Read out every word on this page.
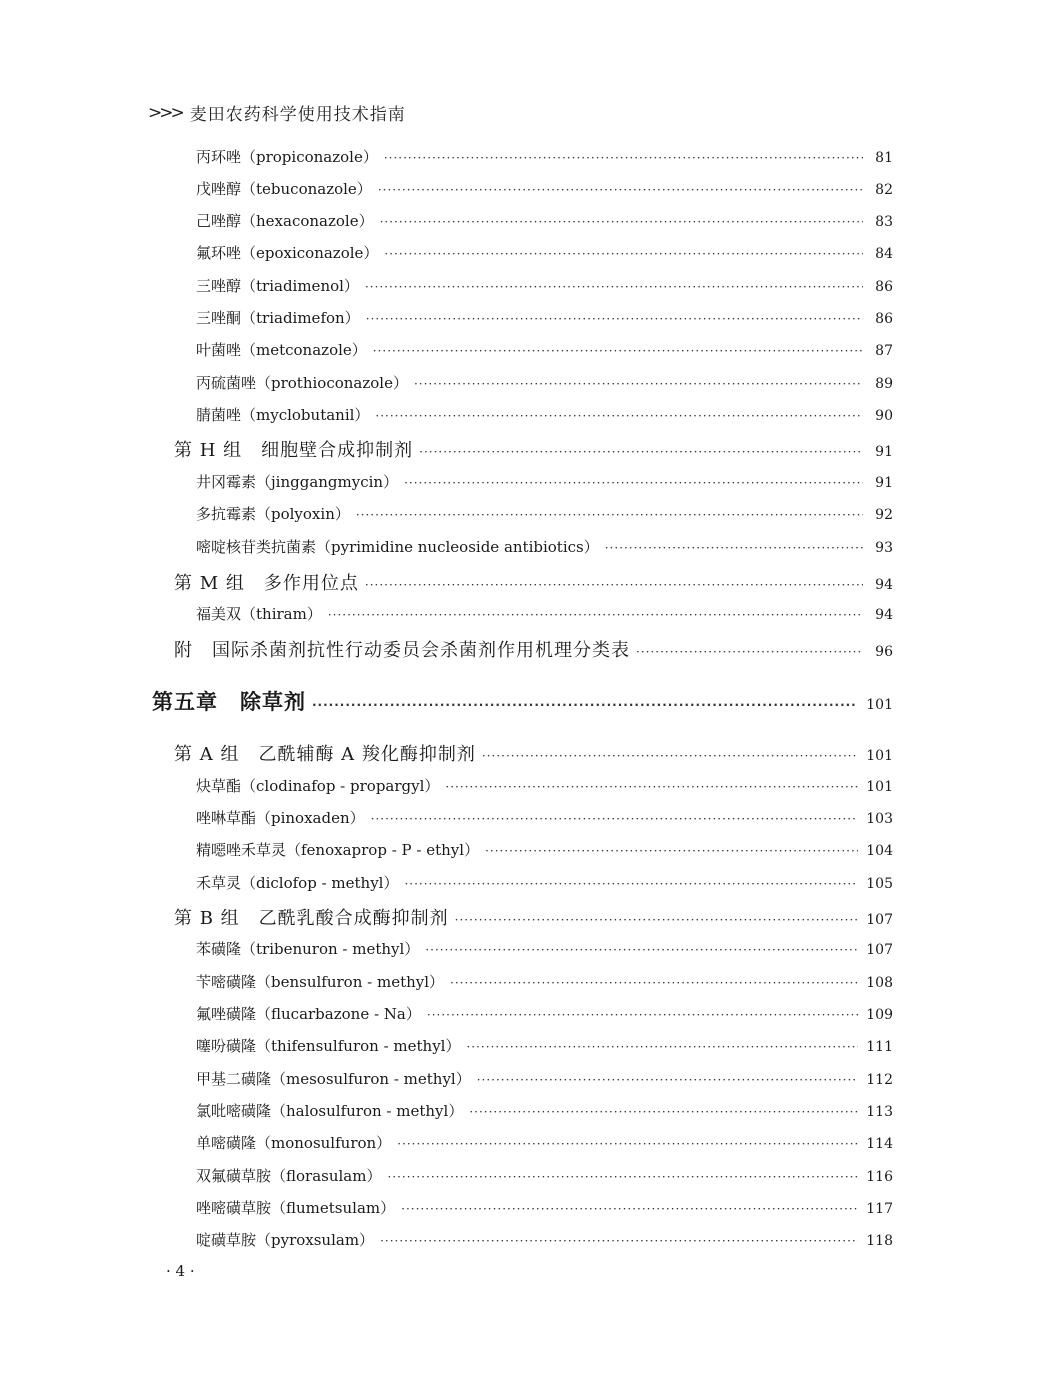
>>> 麦田农药科学使用技术指南
丙环唑（propiconazole） ·····	81
戊唑醇（tebuconazole） ·····	82
己唑醇（hexaconazole） ·····	83
氟环唑（epoxiconazole） ·····	84
三唑醇（triadimenol） ·····	86
三唑酮（triadimefon） ·····	86
叶菌唑（metconazole） ·····	87
丙硫菌唑（prothioconazole） ·····	89
腈菌唑（myclobutanil） ·····	90
第 H 组　细胞壁合成抑制剂 ·····	91
井冈霉素（jinggangmycin） ·····	91
多抗霉素（polyoxin） ·····	92
嘧啶核苷类抗菌素（pyrimidine nucleoside antibiotics） ·····	93
第 M 组　多作用位点 ·····	94
福美双（thiram） ·····	94
附　国际杀菌剂抗性行动委员会杀菌剂作用机理分类表 ·····	96
第五章　除草剂 ·····	101
第 A 组　乙酰辅酶 A 羧化酶抑制剂 ·····	101
炔草酯（clodinafop - propargyl） ·····	101
唑啉草酯（pinoxaden） ·····	103
精噁唑禾草灵（fenoxaprop - P - ethyl） ·····	104
禾草灵（diclofop - methyl） ·····	105
第 B 组　乙酰乳酸合成酶抑制剂 ·····	107
苯磺隆（tribenuron - methyl） ·····	107
苄嘧磺隆（bensulfuron - methyl） ·····	108
氟唑磺隆（flucarbazone - Na） ·····	109
噻吩磺隆（thifensulfuron - methyl） ·····	111
甲基二磺隆（mesosulfuron - methyl） ·····	112
氯吡嘧磺隆（halosulfuron - methyl） ·····	113
单嘧磺隆（monosulfuron） ·····	114
双氟磺草胺（florasulam） ·····	116
唑嘧磺草胺（flumetsulam） ·····	117
啶磺草胺（pyroxsulam） ·····	118
· 4 ·
